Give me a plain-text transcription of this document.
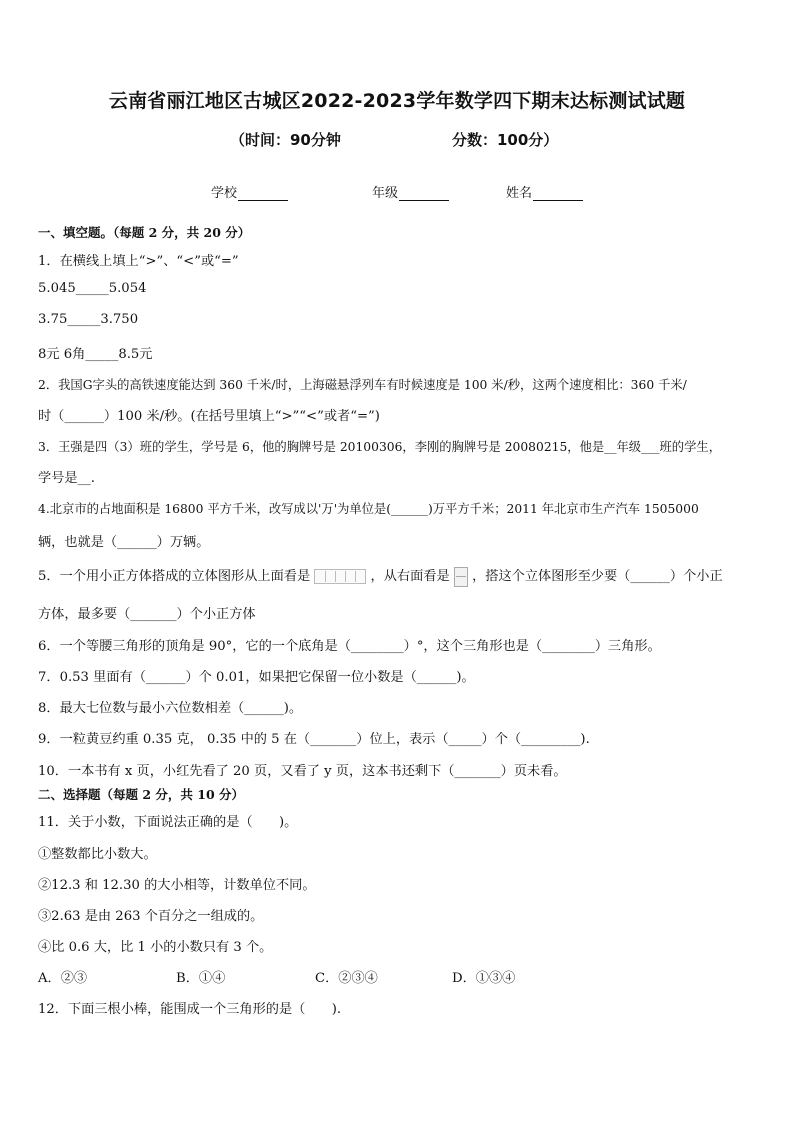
云南省丽江地区古城区2022-2023学年数学四下期末达标测试试题
（时间：90分钟	分数：100分）
学校	年级	姓名
一、填空题。（每题 2 分，共 20 分）
1．在横线上填上“>”、“<”或“=”
5.045_____5.054
3.75_____3.750
8元 6角_____8.5元
2．我国G字头的高铁速度能达到 360 千米/时，上海磁悬浮列车有时候速度是 100 米/秒，这两个速度相比：360 千米/
时（______）100 米/秒。(在括号里填上“>”“<”或者“=”)
3．王强是四（3）班的学生，学号是 6，他的胸牌号是 20100306，李刚的胸牌号是 20080215，他是__年级___班的学生，
学号是__.
4.北京市的占地面积是 16800 平方千米，改写成以'万'为单位是(______)万平方千米；2011 年北京市生产汽车 1505000
辆，也就是（______）万辆。
5．一个用小正方体搭成的立体图形从上面看是	，从右面看是 ，搭这个立体图形至少要（______）个小正
方体，最多要（_______）个小正方体
6．一个等腰三角形的顶角是 90°，它的一个底角是（________）°，这个三角形也是（________）三角形。
7．0.53 里面有（______）个 0.01，如果把它保留一位小数是（______)。
8．最大七位数与最小六位数相差（______)。
9．一粒黄豆约重 0.35 克， 0.35 中的 5 在（_______）位上，表示（_____）个（_________).
10．一本书有 x 页，小红先看了 20 页，又看了 y 页，这本书还剩下（_______）页未看。
二、选择题（每题 2 分，共 10 分）
11．关于小数，下面说法正确的是（　　)。
①整数都比小数大。
②12.3 和 12.30 的大小相等，计数单位不同。
③2.63 是由 263 个百分之一组成的。
④比 0.6 大，比 1 小的小数只有 3 个。
A．②③	B．①④	C．②③④	D．①③④
12．下面三根小棒，能围成一个三角形的是（　　).
